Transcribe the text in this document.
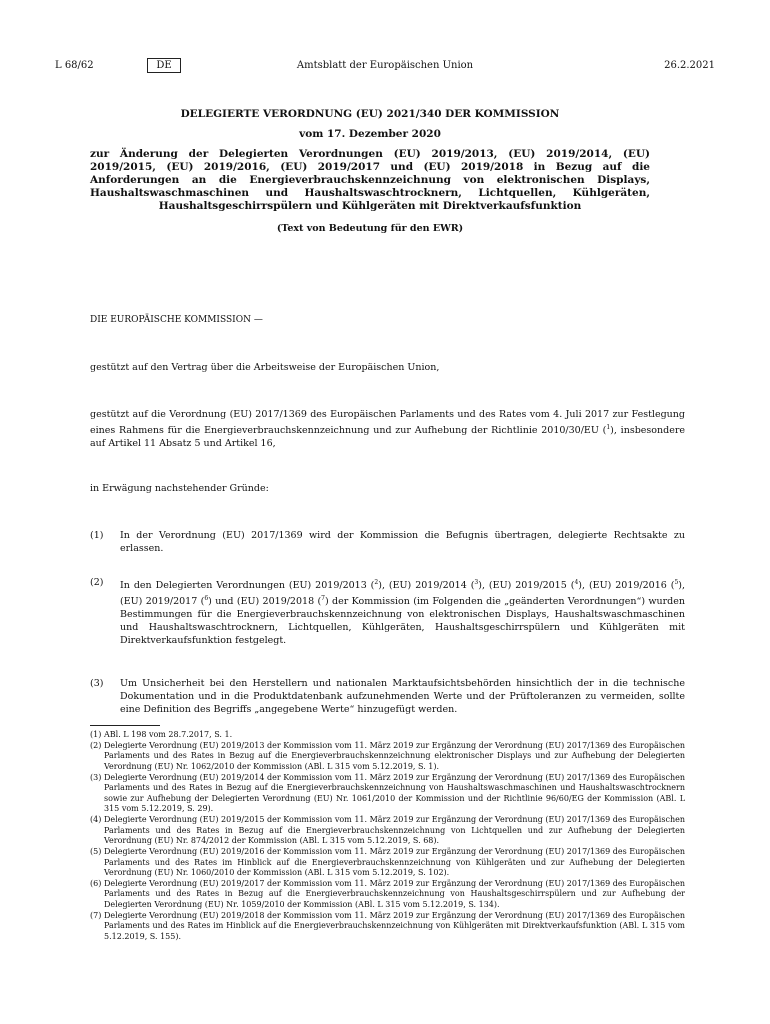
L 68/62	Amtsblatt der Europäischen Union
DE	26.2.2021
DELEGIERTE VERORDNUNG (EU) 2021/340 DER KOMMISSION
vom 17. Dezember 2020
zur Änderung der Delegierten Verordnungen (EU) 2019/2013, (EU) 2019/2014, (EU) 2019/2015, (EU) 2019/2016, (EU) 2019/2017 und (EU) 2019/2018 in Bezug auf die Anforderungen an die Energieverbrauchskennzeichnung von elektronischen Displays, Haushaltswaschmaschinen und Haushaltswaschtrocknern, Lichtquellen, Kühlgeräten, Haushaltsgeschirrspülern und Kühlgeräten mit Direktverkaufsfunktion
(Text von Bedeutung für den EWR)
DIE EUROPÄISCHE KOMMISSION —
gestützt auf den Vertrag über die Arbeitsweise der Europäischen Union,
gestützt auf die Verordnung (EU) 2017/1369 des Europäischen Parlaments und des Rates vom 4. Juli 2017 zur Festlegung eines Rahmens für die Energieverbrauchskennzeichnung und zur Aufhebung der Richtlinie 2010/30/EU ($^1$), insbesondere auf Artikel 11 Absatz 5 und Artikel 16,
in Erwägung nachstehender Gründe:
(1) In der Verordnung (EU) 2017/1369 wird der Kommission die Befugnis übertragen, delegierte Rechtsakte zu erlassen.
(2) In den Delegierten Verordnungen (EU) 2019/2013 ($^2$), (EU) 2019/2014 ($^3$), (EU) 2019/2015 ($^4$), (EU) 2019/2016 ($^5$), (EU) 2019/2017 ($^6$) und (EU) 2019/2018 ($^7$) der Kommission (im Folgenden die „geänderten Verordnungen“) wurden Bestimmungen für die Energieverbrauchskennzeichnung von elektronischen Displays, Haushaltswaschmaschinen und Haushaltswaschtrocknern, Lichtquellen, Kühlgeräten, Haushaltsgeschirrspülern und Kühlgeräten mit Direktverkaufsfunktion festgelegt.
(3) Um Unsicherheit bei den Herstellern und nationalen Marktaufsichtsbehörden hinsichtlich der in die technische Dokumentation und in die Produktdatenbank aufzunehmenden Werte und der Prüftoleranzen zu vermeiden, sollte eine Definition des Begriffs „angegebene Werte“ hinzugefügt werden.
(1) ABl. L 198 vom 28.7.2017, S. 1.
(2) Delegierte Verordnung (EU) 2019/2013 der Kommission vom 11. März 2019 zur Ergänzung der Verordnung (EU) 2017/1369 des Europäischen Parlaments und des Rates in Bezug auf die Energieverbrauchskennzeichnung elektronischer Displays und zur Aufhebung der Delegierten Verordnung (EU) Nr. 1062/2010 der Kommission (ABl. L 315 vom 5.12.2019, S. 1).
(3) Delegierte Verordnung (EU) 2019/2014 der Kommission vom 11. März 2019 zur Ergänzung der Verordnung (EU) 2017/1369 des Europäischen Parlaments und des Rates in Bezug auf die Energieverbrauchskennzeichnung von Haushaltswaschmaschinen und Haushaltswaschtrocknern sowie zur Aufhebung der Delegierten Verordnung (EU) Nr. 1061/2010 der Kommission und der Richtlinie 96/60/EG der Kommission (ABl. L 315 vom 5.12.2019, S. 29).
(4) Delegierte Verordnung (EU) 2019/2015 der Kommission vom 11. März 2019 zur Ergänzung der Verordnung (EU) 2017/1369 des Europäischen Parlaments und des Rates in Bezug auf die Energieverbrauchskennzeichnung von Lichtquellen und zur Aufhebung der Delegierten Verordnung (EU) Nr. 874/2012 der Kommission (ABl. L 315 vom 5.12.2019, S. 68).
(5) Delegierte Verordnung (EU) 2019/2016 der Kommission vom 11. März 2019 zur Ergänzung der Verordnung (EU) 2017/1369 des Europäischen Parlaments und des Rates im Hinblick auf die Energieverbrauchskennzeichnung von Kühlgeräten und zur Aufhebung der Delegierten Verordnung (EU) Nr. 1060/2010 der Kommission (ABl. L 315 vom 5.12.2019, S. 102).
(6) Delegierte Verordnung (EU) 2019/2017 der Kommission vom 11. März 2019 zur Ergänzung der Verordnung (EU) 2017/1369 des Europäischen Parlaments und des Rates in Bezug auf die Energieverbrauchskennzeichnung von Haushaltsgeschirrspülern und zur Aufhebung der Delegierten Verordnung (EU) Nr. 1059/2010 der Kommission (ABl. L 315 vom 5.12.2019, S. 134).
(7) Delegierte Verordnung (EU) 2019/2018 der Kommission vom 11. März 2019 zur Ergänzung der Verordnung (EU) 2017/1369 des Europäischen Parlaments und des Rates im Hinblick auf die Energieverbrauchskennzeichnung von Kühlgeräten mit Direktverkaufsfunktion (ABl. L 315 vom 5.12.2019, S. 155).
